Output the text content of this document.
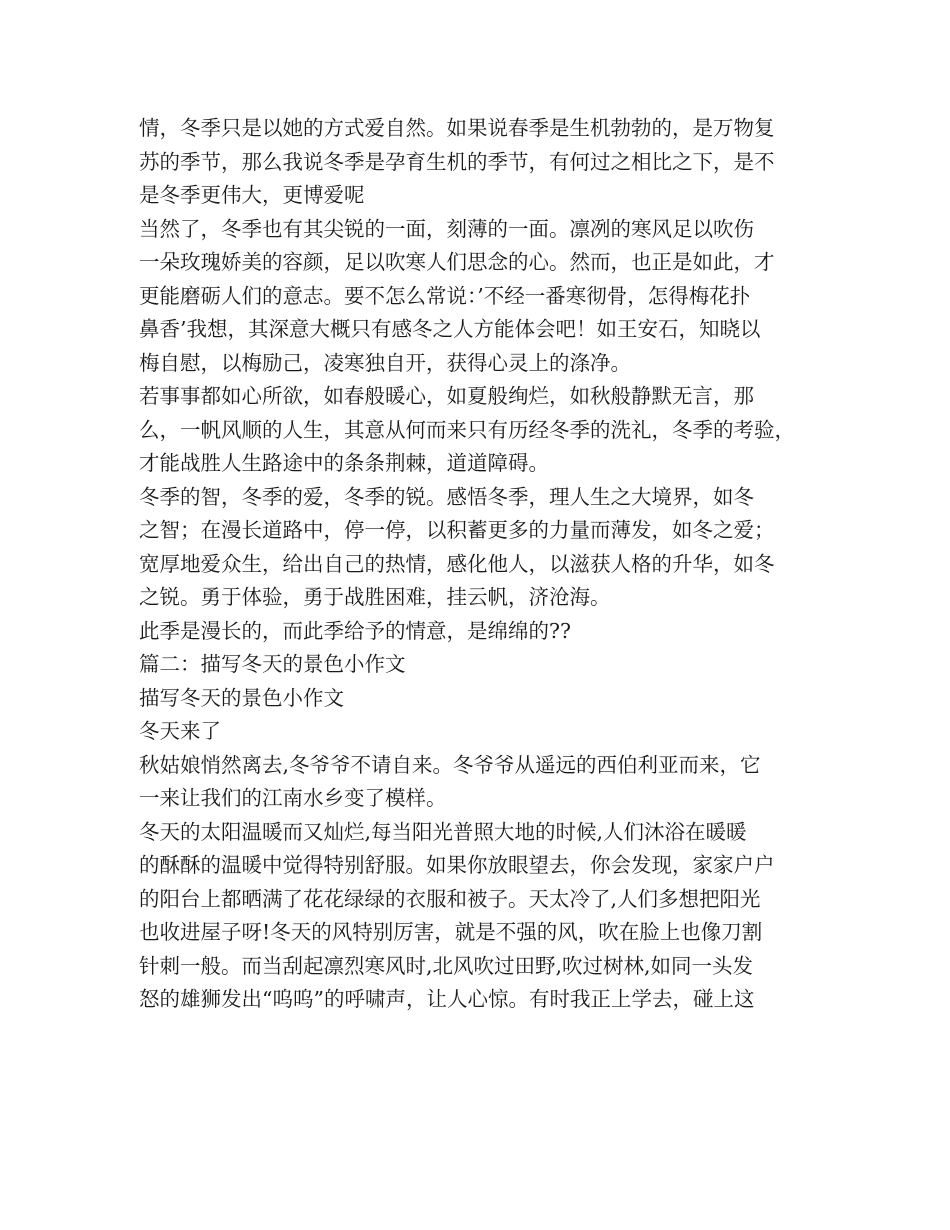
情，冬季只是以她的方式爱自然。如果说春季是生机勃勃的，是万物复
苏的季节，那么我说冬季是孕育生机的季节，有何过之相比之下，是不
是冬季更伟大，更博爱呢
当然了，冬季也有其尖锐的一面，刻薄的一面。凛冽的寒风足以吹伤
一朵玫瑰娇美的容颜，足以吹寒人们思念的心。然而，也正是如此，才
更能磨砺人们的意志。要不怎么常说：’不经一番寒彻骨，怎得梅花扑
鼻香’我想，其深意大概只有感冬之人方能体会吧！如王安石，知晓以
梅自慰，以梅励己，凌寒独自开，获得心灵上的涤净。
若事事都如心所欲，如春般暖心，如夏般绚烂，如秋般静默无言，那
么，一帆风顺的人生，其意从何而来只有历经冬季的洗礼，冬季的考验，
才能战胜人生路途中的条条荆棘，道道障碍。
冬季的智，冬季的爱，冬季的锐。感悟冬季，理人生之大境界，如冬
之智；在漫长道路中，停一停，以积蓄更多的力量而薄发，如冬之爱；
宽厚地爱众生，给出自己的热情，感化他人，以滋获人格的升华，如冬
之锐。勇于体验，勇于战胜困难，挂云帆，济沧海。
此季是漫长的，而此季给予的情意，是绵绵的??
篇二：描写冬天的景色小作文
描写冬天的景色小作文
冬天来了
秋姑娘悄然离去,冬爷爷不请自来。冬爷爷从遥远的西伯利亚而来，它
一来让我们的江南水乡变了模样。
冬天的太阳温暖而又灿烂,每当阳光普照大地的时候,人们沐浴在暖暖
的酥酥的温暖中觉得特别舒服。如果你放眼望去，你会发现，家家户户
的阳台上都晒满了花花绿绿的衣服和被子。天太冷了,人们多想把阳光
也收进屋子呀!冬天的风特别厉害，就是不强的风，吹在脸上也像刀割
针刺一般。而当刮起凛烈寒风时,北风吹过田野,吹过树林,如同一头发
怒的雄狮发出“呜呜”的呼啸声，让人心惊。有时我正上学去，碰上这
